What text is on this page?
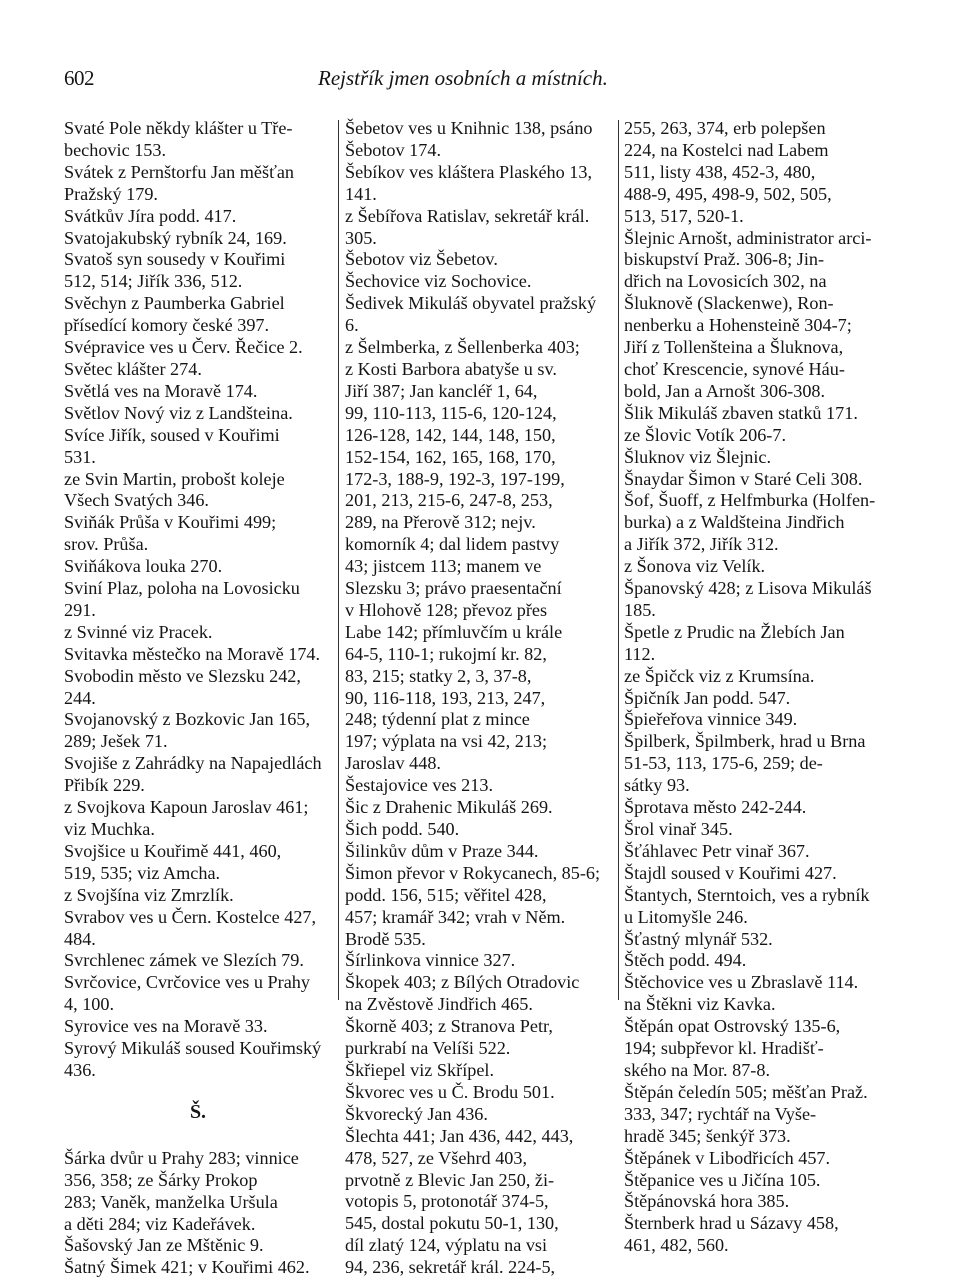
602	Rejstřík jmen osobních a místních.
Svaté Pole někdy klášter u Tře-
bechovic 153.
Svátek z Pernštorfu Jan měšťan
Pražský 179.
Svátkův Jíra podd. 417.
Svatojakubský rybník 24, 169.
Svatoš syn sousedy v Kouřimi
512, 514; Jiřík 336, 512.
Svěchyn z Paumberka Gabriel
přísedící komory české 397.
Svépravice ves u Červ. Řečice 2.
Světec klášter 274.
Světlá ves na Moravě 174.
Světlov Nový viz z Landšteina.
Svíce Jiřík, soused v Kouřimi
531.
ze Svin Martin, probošt koleje
Všech Svatých 346.
Sviňák Průša v Kouřimi 499;
srov. Průša.
Sviňákova louka 270.
Sviní Plaz, poloha na Lovosicku
291.
z Svinné viz Pracek.
Svitavka městečko na Moravě 174.
Svobodin město ve Slezsku 242,
244.
Svojanovský z Bozkovic Jan 165,
289; Ješek 71.
Svojiše z Zahrádky na Napajedlách
Přibík 229.
z Svojkova Kapoun Jaroslav 461;
viz Muchka.
Svojšice u Kouřimě 441, 460,
519, 535; viz Amcha.
z Svojšína viz Zmrzlík.
Svrabov ves u Čern. Kostelce 427,
484.
Svrchlenec zámek ve Slezích 79.
Svrčovice, Cvrčovice ves u Prahy
4, 100.
Syrovice ves na Moravě 33.
Syrový Mikuláš soused Kouřimský
436.
Š.
Šárka dvůr u Prahy 283; vinnice
356, 358; ze Šárky Prokop
283; Vaněk, manželka Uršula
a děti 284; viz Kadeřávek.
Šašovský Jan ze Mštěnic 9.
Šatný Šimek 421; v Kouřimi 462.
Šebetov ves u Knihnic 138, psáno
Šebotov 174.
Šebíkov ves kláštera Plaského 13,
141.
z Šebířova Ratislav, sekretář král.
305.
Šebotov viz Šebetov.
Šechovice viz Sochovice.
Šedivek Mikuláš obyvatel pražský
6.
z Šelmberka, z Šellenberka 403;
z Kosti Barbora abatyše u sv.
Jiří 387; Jan kancléř 1, 64,
99, 110-113, 115-6, 120-124,
126-128, 142, 144, 148, 150,
152-154, 162, 165, 168, 170,
172-3, 188-9, 192-3, 197-199,
201, 213, 215-6, 247-8, 253,
289, na Přerově 312; nejv.
komorník 4; dal lidem pastvy
43; jistcem 113; manem ve
Slezsku 3; právo praesentační
v Hlohově 128; převoz přes
Labe 142; přímluvčím u krále
64-5, 110-1; rukojmí kr. 82,
83, 215; statky 2, 3, 37-8,
90, 116-118, 193, 213, 247,
248; týdenní plat z mince
197; výplata na vsi 42, 213;
Jaroslav 448.
Šestajovice ves 213.
Šic z Drahenic Mikuláš 269.
Šich podd. 540.
Šilinkův dům v Praze 344.
Šimon převor v Rokycanech, 85-6;
podd. 156, 515; věřitel 428,
457; kramář 342; vrah v Něm.
Brodě 535.
Šírlinkova vinnice 327.
Škopek 403; z Bílých Otradovic
na Zvěstově Jindřich 465.
Škorně 403; z Stranova Petr,
purkrabí na Velíši 522.
Škřiepel viz Skřípel.
Škvorec ves u Č. Brodu 501.
Škvorecký Jan 436.
Šlechta 441; Jan 436, 442, 443,
478, 527, ze Všehrd 403,
prvotně z Blevic Jan 250, ži-
votopis 5, protonotář 374-5,
545, dostal pokutu 50-1, 130,
díl zlatý 124, výplatu na vsi
94, 236, sekretář král. 224-5,
255, 263, 374, erb polepšen
224, na Kostelci nad Labem
511, listy 438, 452-3, 480,
488-9, 495, 498-9, 502, 505,
513, 517, 520-1.
Šlejnic Arnošt, administrator arci-
biskupství Praž. 306-8; Jin-
dřich na Lovosicích 302, na
Šluknově (Slackenwe), Ron-
nenberku a Hohensteině 304-7;
Jiří z Tollenšteina a Šluknova,
choť Krescencie, synové Háu-
bold, Jan a Arnošt 306-308.
Šlik Mikuláš zbaven statků 171.
ze Šlovic Votík 206-7.
Šluknov viz Šlejnic.
Šnaydar Šimon v Staré Celi 308.
Šof, Šuoff, z Helfmburka (Holfen-
burka) a z Waldšteina Jindřich
a Jiřík 372, Jiřík 312.
z Šonova viz Velík.
Španovský 428; z Lisova Mikuláš
185.
Špetle z Prudic na Žlebích Jan
112.
ze Špičck viz z Krumsína.
Špičník Jan podd. 547.
Špieřeřova vinnice 349.
Špilberk, Špilmberk, hrad u Brna
51-53, 113, 175-6, 259; de-
sátky 93.
Šprotava město 242-244.
Šrol vinař 345.
Šťáhlavec Petr vinař 367.
Štajdl soused v Kouřimi 427.
Štantych, Sterntoich, ves a rybník
u Litomyšle 246.
Šťastný mlynář 532.
Štěch podd. 494.
Štěchovice ves u Zbraslavě 114.
na Štěkni viz Kavka.
Štěpán opat Ostrovský 135-6,
194; subpřevor kl. Hradišť-
ského na Mor. 87-8.
Štěpán čeledín 505; měšťan Praž.
333, 347; rychtář na Vyše-
hradě 345; šenkýř 373.
Štěpánek v Libodřicích 457.
Štěpanice ves u Jičína 105.
Štěpánovská hora 385.
Šternberk hrad u Sázavy 458,
461, 482, 560.
